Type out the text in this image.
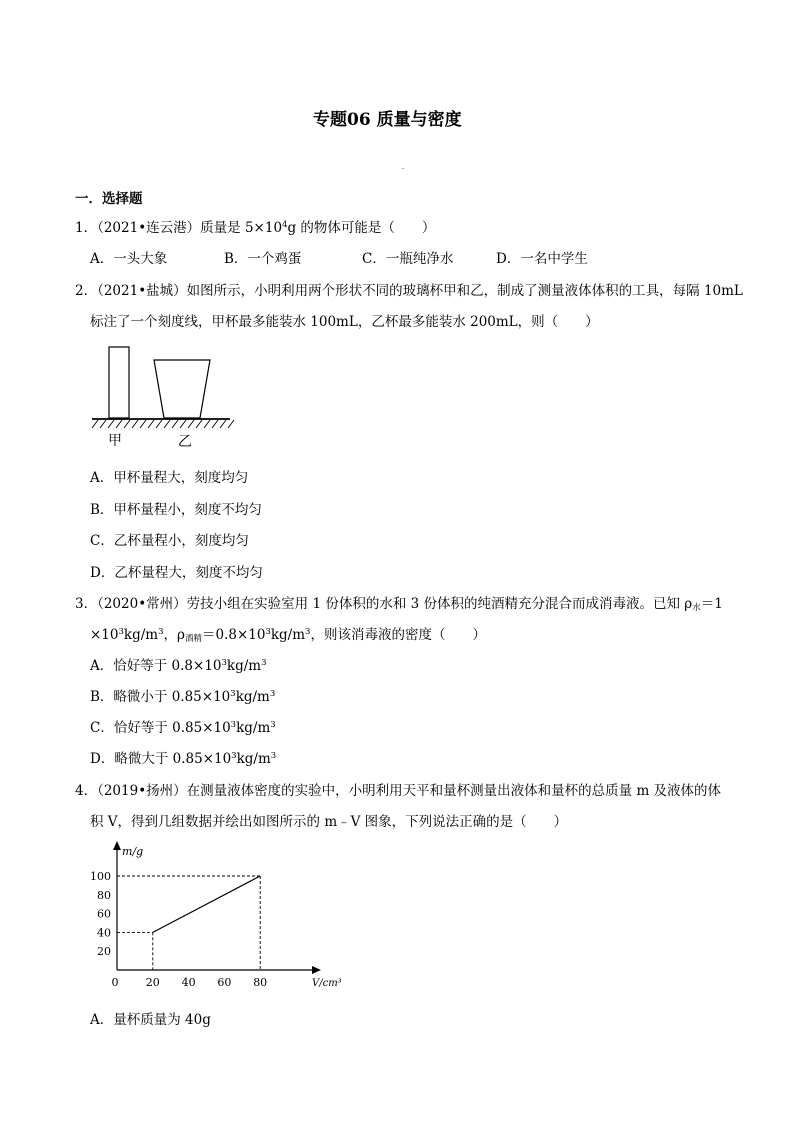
专题06 质量与密度
一．选择题
1．（2021•连云港）质量是 $5\times 10^4g$ 的物体可能是（　　）
A．一头大象	B．一个鸡蛋	C．一瓶纯净水	D．一名中学生
2．（2021•盐城）如图所示，小明利用两个形状不同的玻璃杯甲和乙，制成了测量液体体积的工具，每隔 10mL
标注了一个刻度线，甲杯最多能装水 100mL，乙杯最多能装水 200mL，则（　　）
甲	乙
A．甲杯量程大，刻度均匀
B．甲杯量程小，刻度不均匀
C．乙杯量程小，刻度均匀
D．乙杯量程大，刻度不均匀
3．（2020•常州）劳技小组在实验室用 1 份体积的水和 3 份体积的纯酒精充分混合而成消毒液。已知 $\rho_水=1$
$\times 10^3kg/m^3$，$\rho_{酒精}=0.8\times 10^3kg/m^3$，则该消毒液的密度（　　）
A．恰好等于 $0.8\times 10^3kg/m^3$
B．略微小于 $0.85\times 10^3kg/m^3$
C．恰好等于 $0.85\times 10^3kg/m^3$
D．略微大于 $0.85\times 10^3kg/m^3$
4．（2019•扬州）在测量液体密度的实验中，小明利用天平和量杯测量出液体和量杯的总质量 m 及液体的体
积 V，得到几组数据并绘出如图所示的 m﹣V 图象，下列说法正确的是（　　）
m/g
V/cm³
20
40
60
80
100
0 20 40 60 80
A．量杯质量为 40g
